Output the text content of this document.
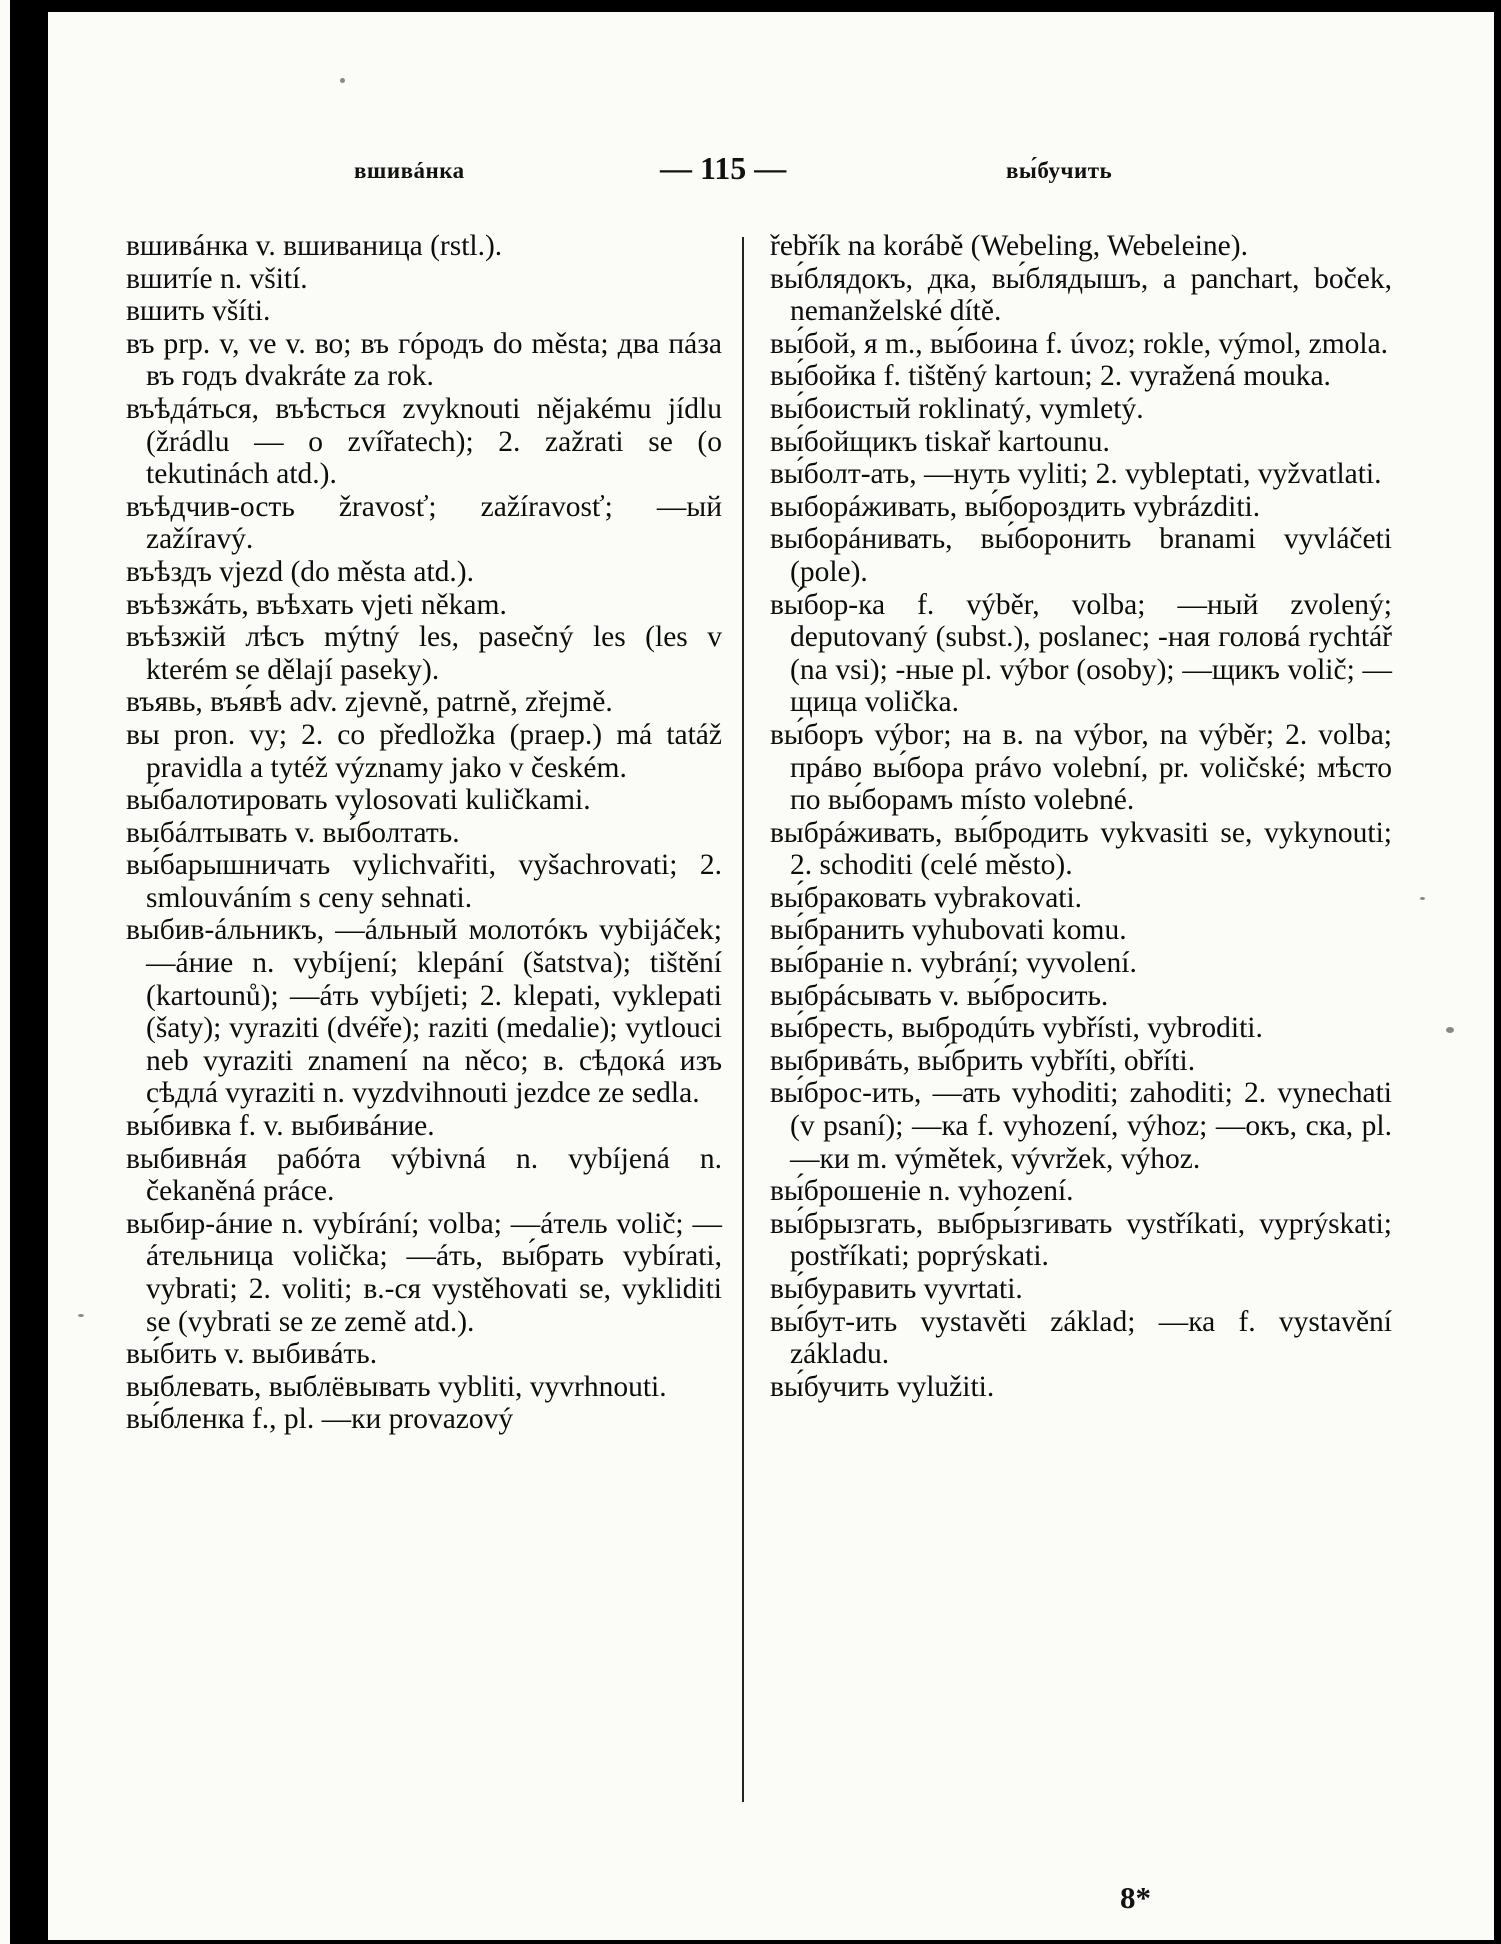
вшивáнка	— 115 —	вы́бучить
вшивáнка v. вшиваница (rstl.).
вшитíе n. všití.
вшить všíti.
въ prp. v, ve v. во; въ гóродъ do města; два пáза въ годъ dvakráte za rok.
въѣдáться, въѣсться zvyknouti nějakému jídlu (žrádlu — o zvířatech); 2. zažrati se (o tekutinách atd.).
въѣдчив-ость žravosť; zažíravosť; —ый zažíravý.
въѣздъ vjezd (do města atd.).
въѣзжáть, въѣхать vjeti někam.
въѣзжiй лѣсъ mýtný les, pasečný les (les v kterém se dělají paseky).
въявь, въя́вѣ adv. zjevně, patrně, zřejmě.
вы pron. vy; 2. co předložka (praep.) má tatáž pravidla a tytéž významy jako v českém.
вы́балотировать vylosovati kuličkami.
выбáлтывать v. вы́болтать.
вы́барышничать vylichvařiti, vyšachrovati; 2. smlouváním s ceny sehnati.
выбив-áльникъ, —áльный молотóкъ vybijáček; —áние n. vybíjení; klepání (šatstva); tištění (kartounů); —áть vybíjeti; 2. klepati, vyklepati (šaty); vyraziti (dvéře); raziti (medalie); vytlouci neb vyraziti znamení na něco; в. сѣдокá изъ сѣдлá vyraziti n. vyzdvihnouti jezdce ze sedla.
вы́бивка f. v. выбивáние.
выбивнáя рабóта výbivná n. vybíjená n. čekaněná práce.
выбир-áние n. vybírání; volba; —áтель volič; —áтельница volička; —áть, вы́брать vybírati, vybrati; 2. voliti; в.-ся vystěhovati se, vykliditi se (vybrati se ze země atd.).
вы́бить v. выбивáть.
выблевать, выблёвывать vybliti, vyvrhnouti.
вы́бленка f., pl. —ки provazový
řebřík na korábě (Webeling, Webeleine).
вы́блядокъ, дка, вы́блядышъ, a panchart, boček, nemanželské dítě.
вы́бой, я m., вы́боина f. úvoz; rokle, výmol, zmola.
вы́бойка f. tištěný kartoun; 2. vyražená mouka.
вы́боистый roklinatý, vymletý.
вы́бойщикъ tiskař kartounu.
вы́болт-ать, —нуть vyliti; 2. vybleptati, vyžvatlati.
выборáживать, вы́бороздить vybrázditi.
выборáнивать, вы́боронить branami vyvláčeti (pole).
вы́бор-ка f. výběr, volba; —ный zvolený; deputovaný (subst.), poslanec; -ная головá rychtář (na vsi); -ные pl. výbor (osoby); —щикъ volič; —щица volička.
вы́боръ výbor; на в. na výbor, na výběr; 2. volba; прáво вы́бора právo volební, pr. voličské; мѣсто по вы́борамъ místo volebné.
выбрáживать, вы́бродить vykvasiti se, vykynouti; 2. schoditi (celé město).
вы́браковать vybrakovati.
вы́бранить vyhubovati komu.
вы́бранie n. vybrání; vyvolení.
выбрáсывать v. вы́бросить.
вы́бресть, выбродúть vybřísti, vybroditi.
выбривáть, вы́брить vybříti, obříti.
вы́брос-ить, —ать vyhoditi; zahoditi; 2. vynechati (v psaní); —ка f. vyhození, výhoz; —окъ, ска, pl. —ки m. výmětek, vývržek, výhoz.
вы́брошенie n. vyhození.
вы́брызгать, выбры́згивать vystříkati, vyprýskati; postříkati; poprýskati.
вы́буравить vyvrtati.
вы́бут-ить vystavěti základ; —ка f. vystavění základu.
вы́бучить vylužiti.
8*
